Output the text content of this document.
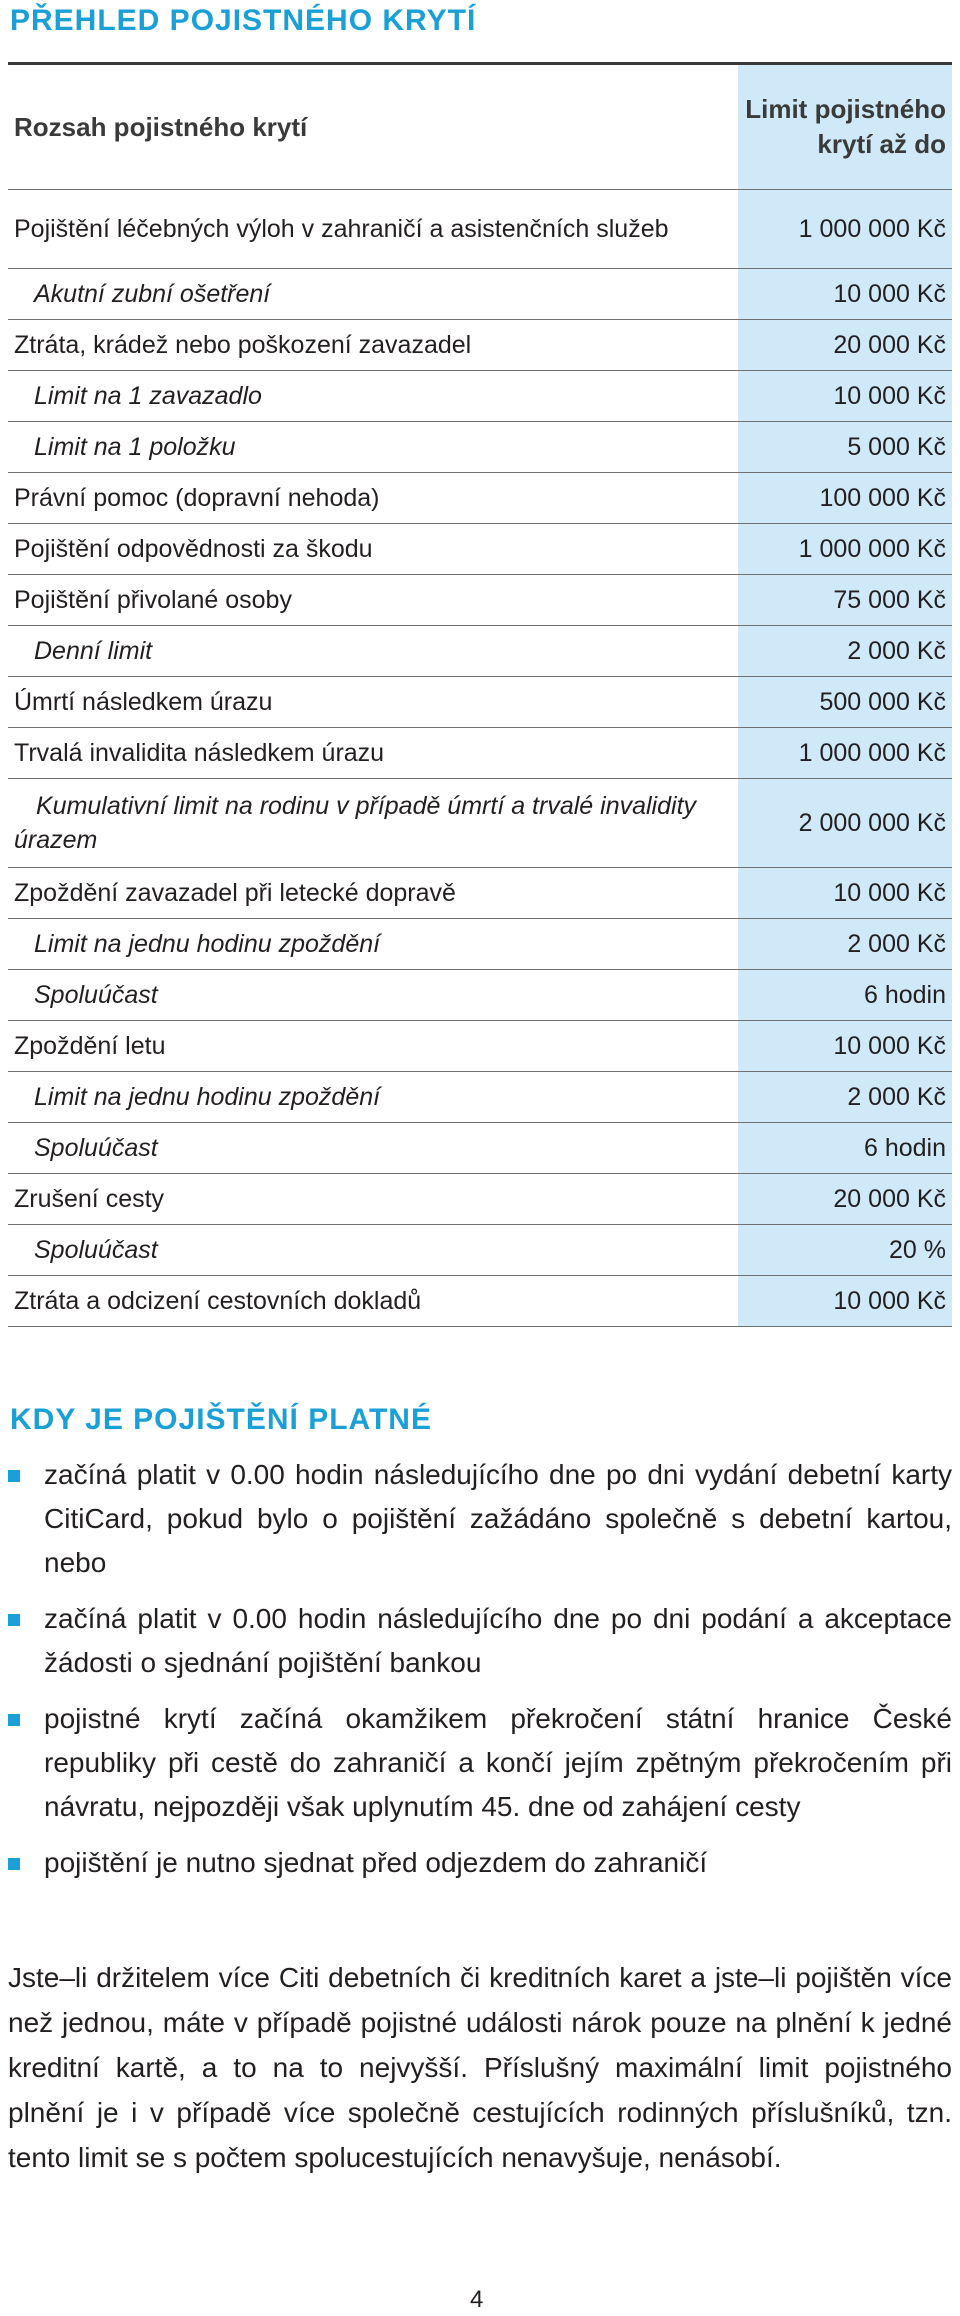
PŘEHLED POJISTNÉHO KRYTÍ
Rozsah pojistného krytí	Limit pojistného krytí až do
Pojištění léčebných výloh v zahraničí a asistenčních služeb	1 000 000 Kč
Akutní zubní ošetření	10 000 Kč
Ztráta, krádež nebo poškození zavazadel	20 000 Kč
Limit na 1 zavazadlo	10 000 Kč
Limit na 1 položku	5 000 Kč
Právní pomoc (dopravní nehoda)	100 000 Kč
Pojištění odpovědnosti za škodu	1 000 000 Kč
Pojištění přivolané osoby	75 000 Kč
Denní limit	2 000 Kč
Úmrtí následkem úrazu	500 000 Kč
Trvalá invalidita následkem úrazu	1 000 000 Kč
Kumulativní limit na rodinu v případě úmrtí a trvalé invalidity úrazem	2 000 000 Kč
Zpoždění zavazadel při letecké dopravě	10 000 Kč
Limit na jednu hodinu zpoždění	2 000 Kč
Spoluúčast	6 hodin
Zpoždění letu	10 000 Kč
Limit na jednu hodinu zpoždění	2 000 Kč
Spoluúčast	6 hodin
Zrušení cesty	20 000 Kč
Spoluúčast	20 %
Ztráta a odcizení cestovních dokladů	10 000 Kč
KDY JE POJIŠTĚNÍ PLATNÉ
začíná platit v 0.00 hodin následujícího dne po dni vydání debetní karty CitiCard, pokud bylo o pojištění zažádáno společně s debetní kartou, nebo
začíná platit v 0.00 hodin následujícího dne po dni podání a akceptace žádosti o sjednání pojištění bankou
pojistné krytí začíná okamžikem překročení státní hranice České republiky při cestě do zahraničí a končí jejím zpětným překročením při návratu, nejpozději však uplynutím 45. dne od zahájení cesty
pojištění je nutno sjednat před odjezdem do zahraničí

Jste–li držitelem více Citi debetních či kreditních karet a jste–li pojištěn více než jednou, máte v případě pojistné události nárok pouze na plnění k jedné kreditní kartě, a to na to nejvyšší. Příslušný maximální limit pojistného plnění je i v případě více společně cestujících rodinných příslušníků, tzn. tento limit se s počtem spolucestujících nenavyšuje, nenásobí.

4
